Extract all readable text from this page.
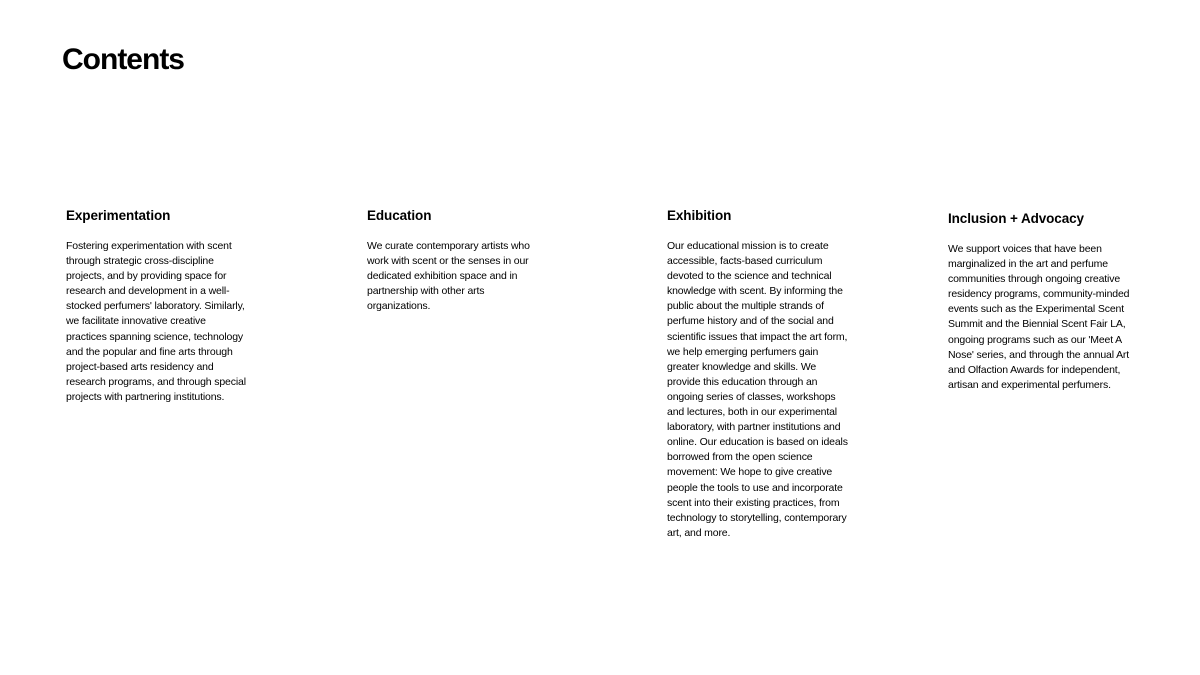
Contents
Experimentation

Fostering experimentation with scent through strategic cross-discipline projects, and by providing space for research and development in a well-stocked perfumers' laboratory. Similarly, we facilitate innovative creative practices spanning science, technology and the popular and fine arts through project-based arts residency and research programs, and through special projects with partnering institutions.

Education

We curate contemporary artists who work with scent or the senses in our dedicated exhibition space and in partnership with other arts organizations.

Exhibition

Our educational mission is to create accessible, facts-based curriculum devoted to the science and technical knowledge with scent. By informing the public about the multiple strands of perfume history and of the social and scientific issues that impact the art form, we help emerging perfumers gain greater knowledge and skills. We provide this education through an ongoing series of classes, workshops and lectures, both in our experimental laboratory, with partner institutions and online. Our education is based on ideals borrowed from the open science movement: We hope to give creative people the tools to use and incorporate scent into their existing practices, from technology to storytelling, contemporary art, and more.

Inclusion + Advocacy

We support voices that have been marginalized in the art and perfume communities through ongoing creative residency programs, community-minded events such as the Experimental Scent Summit and the Biennial Scent Fair LA, ongoing programs such as our 'Meet A Nose' series, and through the annual Art and Olfaction Awards for independent, artisan and experimental perfumers.
